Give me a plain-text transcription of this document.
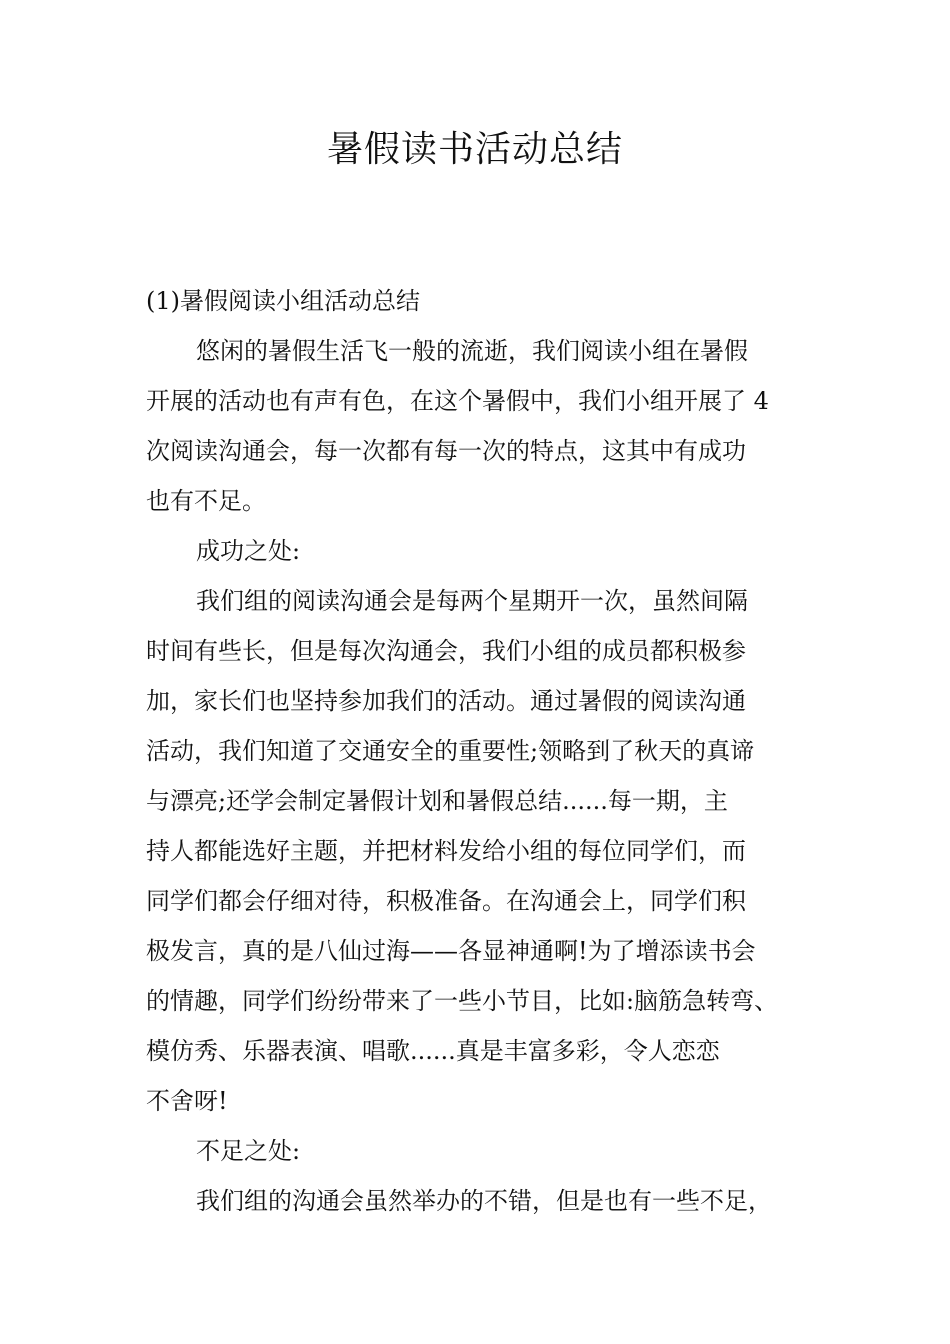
暑假读书活动总结
(1)暑假阅读小组活动总结
悠闲的暑假生活飞一般的流逝，我们阅读小组在暑假
开展的活动也有声有色，在这个暑假中，我们小组开展了 4
次阅读沟通会，每一次都有每一次的特点，这其中有成功
也有不足。
成功之处:
我们组的阅读沟通会是每两个星期开一次，虽然间隔
时间有些长，但是每次沟通会，我们小组的成员都积极参
加，家长们也坚持参加我们的活动。通过暑假的阅读沟通
活动，我们知道了交通安全的重要性;领略到了秋天的真谛
与漂亮;还学会制定暑假计划和暑假总结......每一期，主
持人都能选好主题，并把材料发给小组的每位同学们，而
同学们都会仔细对待，积极准备。在沟通会上，同学们积
极发言，真的是八仙过海——各显神通啊!为了增添读书会
的情趣，同学们纷纷带来了一些小节目，比如:脑筋急转弯、
模仿秀、乐器表演、唱歌......真是丰富多彩，令人恋恋
不舍呀!
不足之处:
我们组的沟通会虽然举办的不错，但是也有一些不足，
